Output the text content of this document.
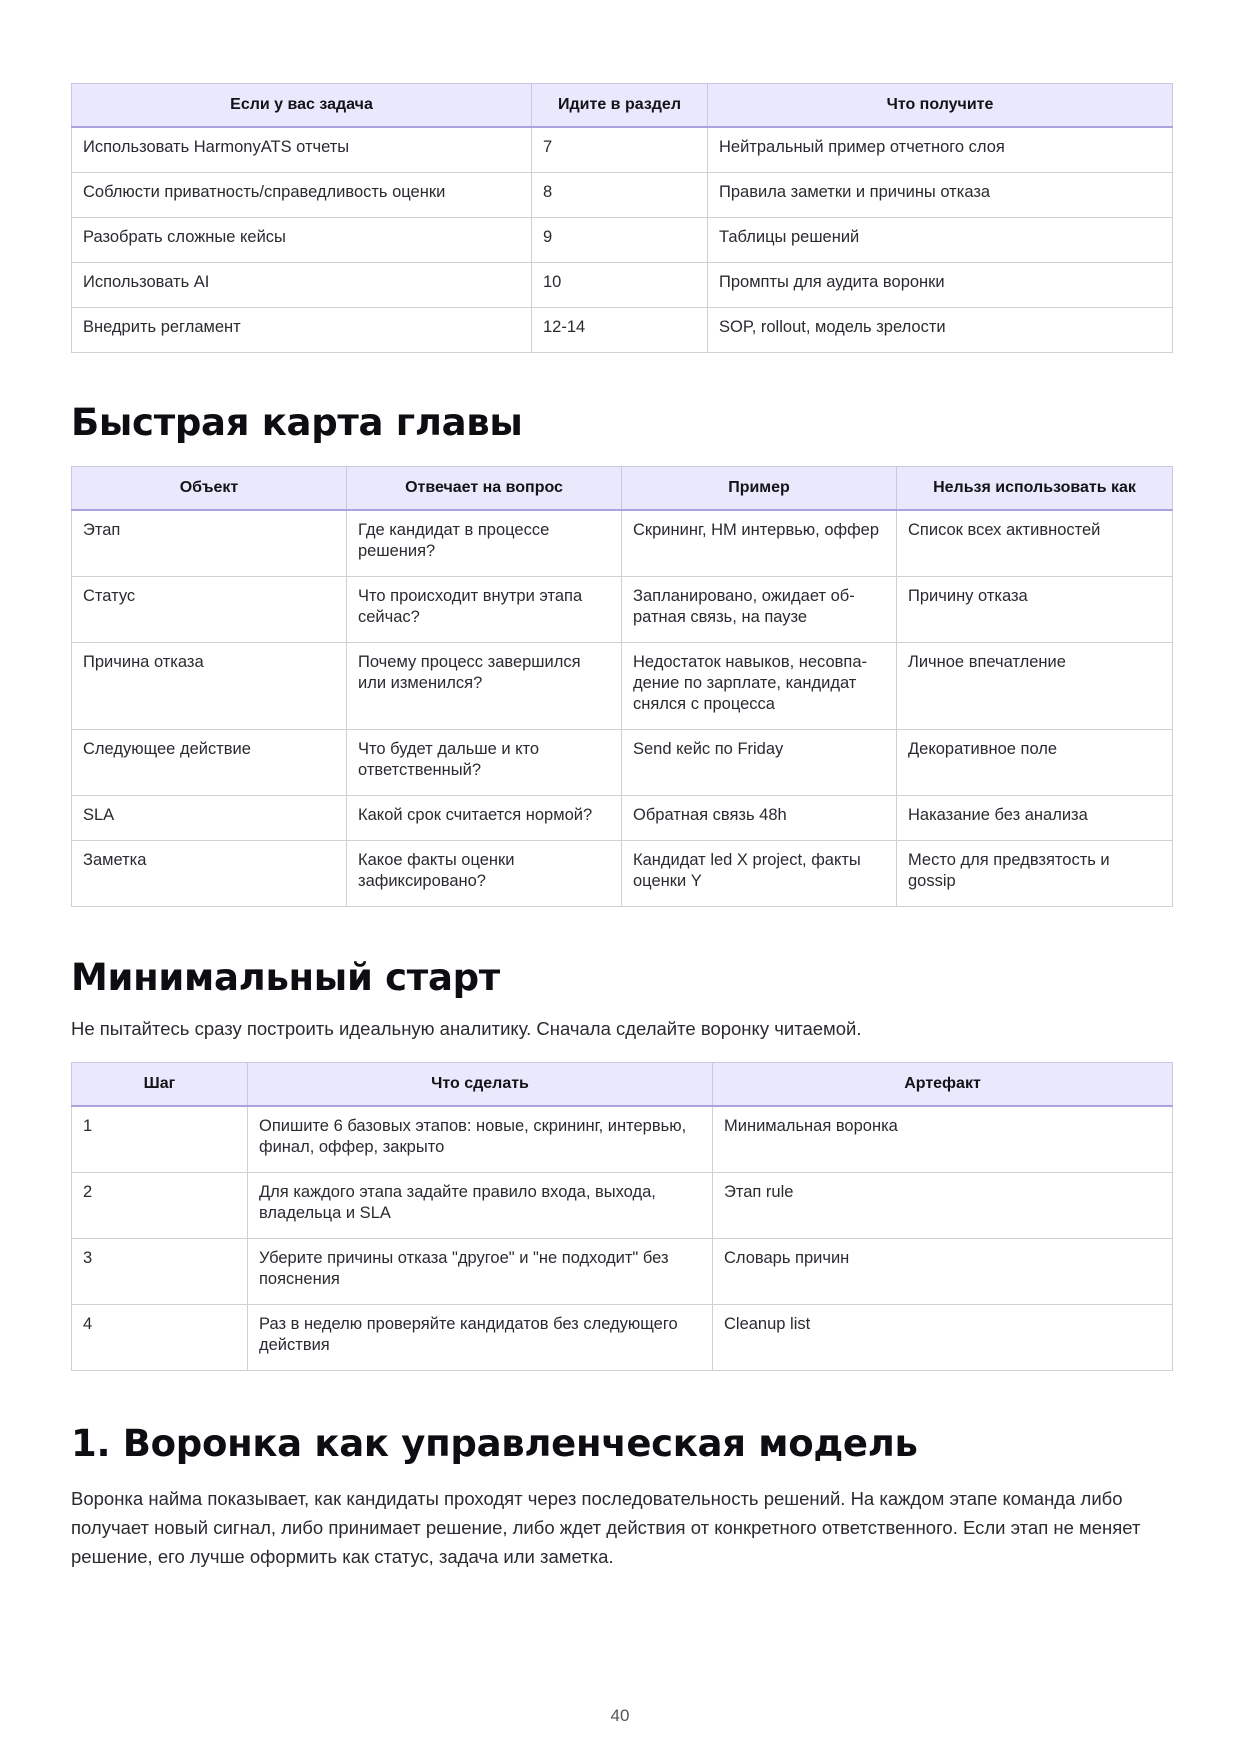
Если у вас задача	Идите в раздел	Что получите
Использовать HarmonyATS отчеты	7	Нейтральный пример отчетного слоя
Соблюсти приватность/справедливость оценки	8	Правила заметки и причины отказа
Разобрать сложные кейсы	9	Таблицы решений
Использовать AI	10	Промпты для аудита воронки
Внедрить регламент	12-14	SOP, rollout, модель зрелости
Быстрая карта главы
Объект	Отвечает на вопрос	Пример	Нельзя использовать как
Этап	Где кандидат в процессе решения?	Скрининг, HM интервью, оффер	Список всех активностей
Статус	Что происходит внутри этапа сейчас?	Запланировано, ожидает обратная связь, на паузе	Причину отказа
Причина отказа	Почему процесс завершился или изменился?	Недостаток навыков, несовпадение по зарплате, кандидат снялся с процесса	Личное впечатление
Следующее действие	Что будет дальше и кто ответственный?	Send кейс по Friday	Декоративное поле
SLA	Какой срок считается нормой?	Обратная связь 48h	Наказание без анализа
Заметка	Какое факты оценки зафиксировано?	Кандидат led X project, факты оценки Y	Место для предвзятость и gossip
Минимальный старт

Не пытайтесь сразу построить идеальную аналитику. Сначала сделайте воронку читаемой.

Шаг	Что сделать	Артефакт
1	Опишите 6 базовых этапов: новые, скрининг, интервью, финал, оффер, закрыто	Минимальная воронка
2	Для каждого этапа задайте правило входа, выхода, владельца и SLA	Этап rule
3	Уберите причины отказа "другое" и "не подходит" без пояснения	Словарь причин
4	Раз в неделю проверяйте кандидатов без следующего действия	Cleanup list
1. Воронка как управленческая модель

Воронка найма показывает, как кандидаты проходят через последовательность решений. На каждом этапе команда либо получает новый сигнал, либо принимает решение, либо ждет действия от конкретного ответственного. Если этап не меняет решение, его лучше оформить как статус, задача или заметка.

40
